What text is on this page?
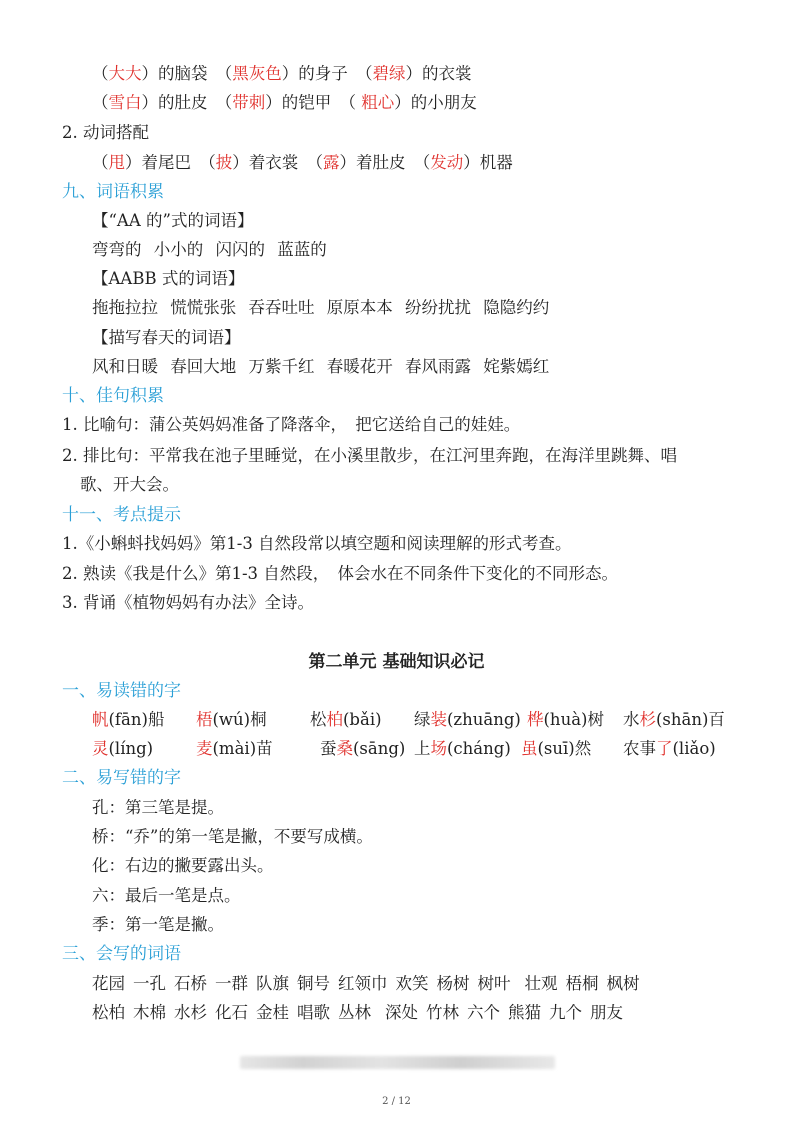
（大大）的脑袋　（黑灰色）的身子　（碧绿）的衣裳
（雪白）的肚皮　（带刺）的铠甲　（ 粗心）的小朋友
2. 动词搭配
（甩）着尾巴　（披）着衣裳　（露）着肚皮　（发动）机器
九、词语积累
【“AA 的”式的词语】
弯弯的 小小的 闪闪的 蓝蓝的
【AABB 式的词语】
拖拖拉拉 慌慌张张 吞吞吐吐 原原本本 纷纷扰扰 隐隐约约
【描写春天的词语】
风和日暖 春回大地 万紫千红 春暖花开 春风雨露 姹紫嫣红
十、佳句积累
1. 比喻句：蒲公英妈妈准备了降落伞，　把它送给自己的娃娃。
2. 排比句：平常我在池子里睡觉，在小溪里散步，在江河里奔跑，在海洋里跳舞、唱
歌、开大会。
十一、考点提示
1.《小蝌蚪找妈妈》第1-3 自然段常以填空题和阅读理解的形式考查。
2. 熟读《我是什么》第1-3 自然段，　体会水在不同条件下变化的不同形态。
3. 背诵《植物妈妈有办法》全诗。
第二单元 基础知识必记
一、易读错的字
帆(fān)船 梧(wú)桐	松柏(bǎi) 绿装(zhuāng) 桦(huà)树 水杉(shān)百
灵(líng)	麦(mài)苗	蚕桑(sāng) 上场(cháng) 虽(suī)然 农事了(liǎo)
二、易写错的字
孔：第三笔是提。
桥：“乔”的第一笔是撇，不要写成横。
化：右边的撇要露出头。
六：最后一笔是点。
季：第一笔是撇。
三、会写的词语
花园 一孔 石桥 一群 队旗 铜号 红领巾 欢笑 杨树 树叶 壮观 梧桐 枫树
松柏 木棉 水杉 化石 金桂 唱歌 丛林 深处 竹林 六个 熊猫 九个 朋友
2 / 12
